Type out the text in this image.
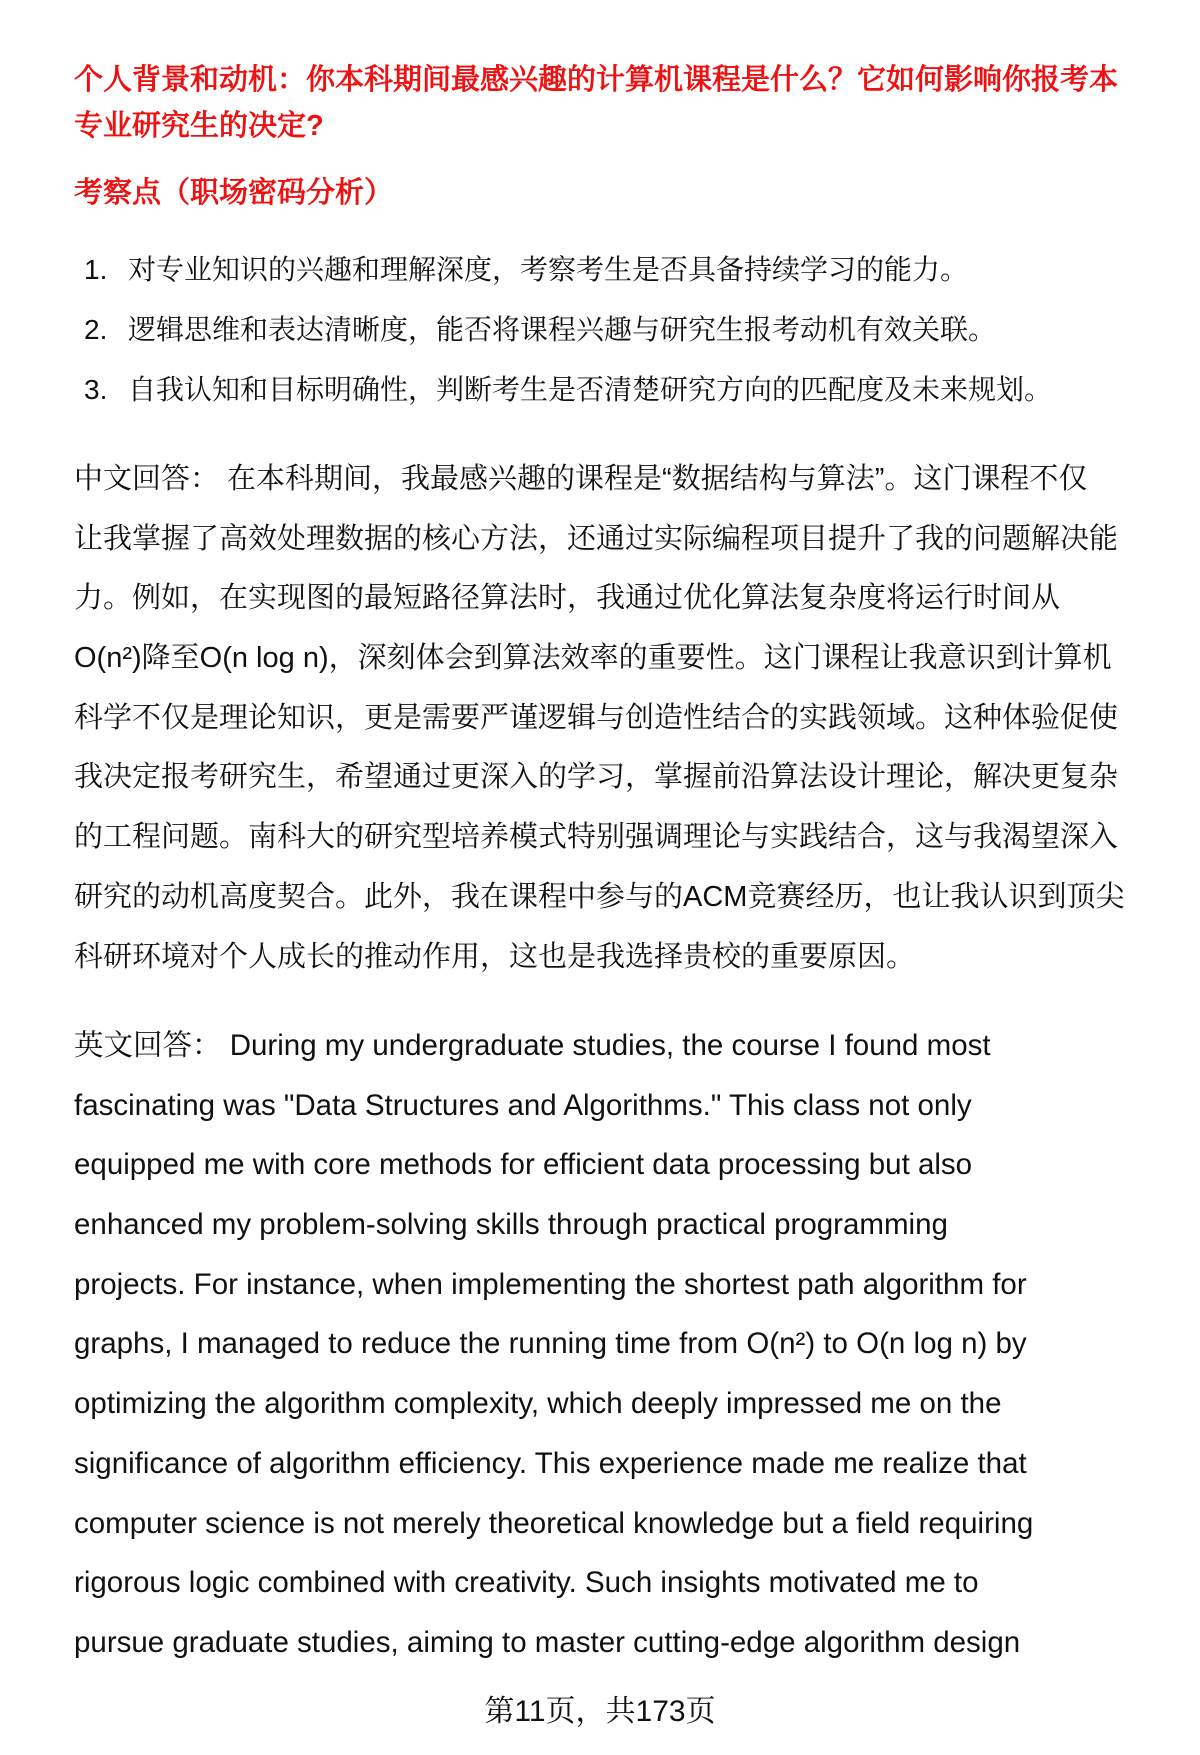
个人背景和动机：你本科期间最感兴趣的计算机课程是什么？它如何影响你报考本
专业研究生的决定?
考察点（职场密码分析）
1. 对专业知识的兴趣和理解深度，考察考生是否具备持续学习的能力。
2. 逻辑思维和表达清晰度，能否将课程兴趣与研究生报考动机有效关联。
3. 自我认知和目标明确性，判断考生是否清楚研究方向的匹配度及未来规划。
中文回答： 在本科期间，我最感兴趣的课程是“数据结构与算法”。这门课程不仅
让我掌握了高效处理数据的核心方法，还通过实际编程项目提升了我的问题解决能
力。例如，在实现图的最短路径算法时，我通过优化算法复杂度将运行时间从
O(n²)降至O(n log n)，深刻体会到算法效率的重要性。这门课程让我意识到计算机
科学不仅是理论知识，更是需要严谨逻辑与创造性结合的实践领域。这种体验促使
我决定报考研究生，希望通过更深入的学习，掌握前沿算法设计理论，解决更复杂
的工程问题。南科大的研究型培养模式特别强调理论与实践结合，这与我渴望深入
研究的动机高度契合。此外，我在课程中参与的ACM竞赛经历，也让我认识到顶尖
科研环境对个人成长的推动作用，这也是我选择贵校的重要原因。
英文回答： During my undergraduate studies, the course I found most
fascinating was "Data Structures and Algorithms." This class not only
equipped me with core methods for efficient data processing but also
enhanced my problem-solving skills through practical programming
projects. For instance, when implementing the shortest path algorithm for
graphs, I managed to reduce the running time from O(n²) to O(n log n) by
optimizing the algorithm complexity, which deeply impressed me on the
significance of algorithm efficiency. This experience made me realize that
computer science is not merely theoretical knowledge but a field requiring
rigorous logic combined with creativity. Such insights motivated me to
pursue graduate studies, aiming to master cutting-edge algorithm design
第11页，共173页
